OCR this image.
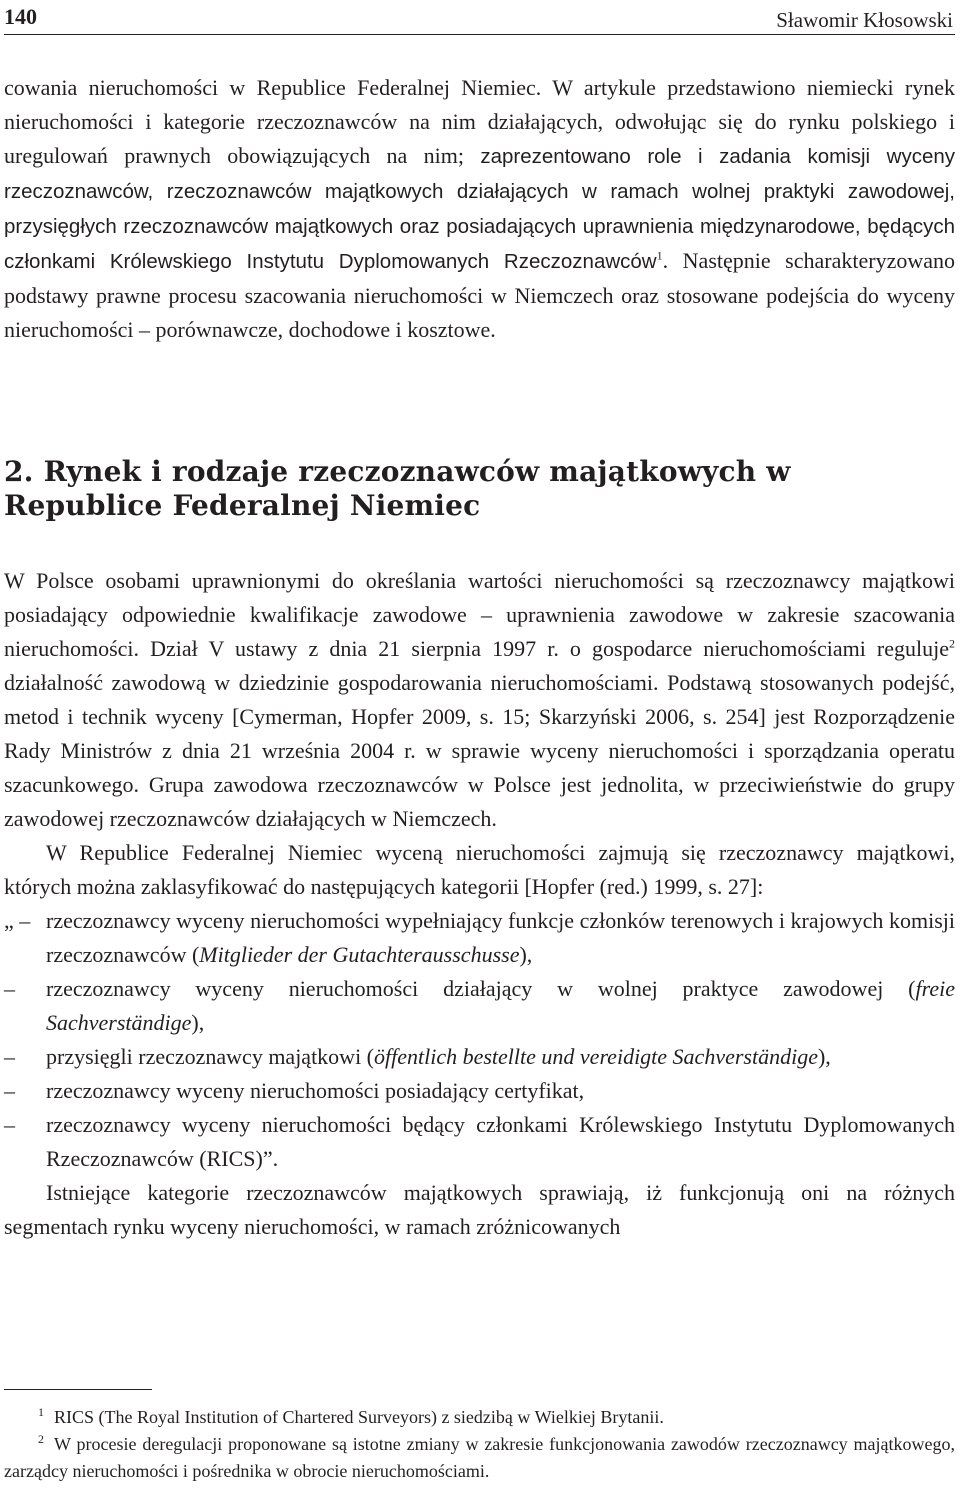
140	Sławomir Kłosowski

cowania nieruchomości w Republice Federalnej Niemiec. W artykule przedstawiono niemiecki rynek nieruchomości i kategorie rzeczoznawców na nim działających, odwołując się do rynku polskiego i uregulowań prawnych obowiązujących na nim; zaprezentowano role i zadania komisji wyceny rzeczoznawców, rzeczoznawców majątkowych działających w ramach wolnej praktyki zawodowej, przysięgłych rzeczoznawców majątkowych oraz posiadających uprawnienia międzynarodowe, będących członkami Królewskiego Instytutu Dyplomowanych Rzeczoznawców$^1$. Następnie scharakteryzowano podstawy prawne procesu szacowania nieruchomości w Niemczech oraz stosowane podejścia do wyceny nieruchomości – porównawcze, dochodowe i kosztowe.

2. Rynek i rodzaje rzeczoznawców majątkowych w Republice Federalnej Niemiec

W Polsce osobami uprawnionymi do określania wartości nieruchomości są rzeczoznawcy majątkowi posiadający odpowiednie kwalifikacje zawodowe – uprawnienia zawodowe w zakresie szacowania nieruchomości. Dział V ustawy z dnia 21 sierpnia 1997 r. o gospodarce nieruchomościami reguluje$^2$ działalność zawodową w dziedzinie gospodarowania nieruchomościami. Podstawą stosowanych podejść, metod i technik wyceny [Cymerman, Hopfer 2009, s. 15; Skarzyński 2006, s. 254] jest Rozporządzenie Rady Ministrów z dnia 21 września 2004 r. w sprawie wyceny nieruchomości i sporządzania operatu szacunkowego. Grupa zawodowa rzeczoznawców w Polsce jest jednolita, w przeciwieństwie do grupy zawodowej rzeczoznawców działających w Niemczech.

W Republice Federalnej Niemiec wyceną nieruchomości zajmują się rzeczoznawcy majątkowi, których można zaklasyfikować do następujących kategorii [Hopfer (red.) 1999, s. 27]:

„ – rzeczoznawcy wyceny nieruchomości wypełniający funkcje członków terenowych i krajowych komisji rzeczoznawców (Mitglieder der Gutachterausschusse),
– rzeczoznawcy wyceny nieruchomości działający w wolnej praktyce zawodowej (freie Sachverständige),
– przysięgli rzeczoznawcy majątkowi (öffentlich bestellte und vereidigte Sachverständige),
– rzeczoznawcy wyceny nieruchomości posiadający certyfikat,
– rzeczoznawcy wyceny nieruchomości będący członkami Królewskiego Instytutu Dyplomowanych Rzeczoznawców (RICS)”.

Istniejące kategorie rzeczoznawców majątkowych sprawiają, iż funkcjonują oni na różnych segmentach rynku wyceny nieruchomości, w ramach zróżnicowanych

$^1$ RICS (The Royal Institution of Chartered Surveyors) z siedzibą w Wielkiej Brytanii.

$^2$ W procesie deregulacji proponowane są istotne zmiany w zakresie funkcjonowania zawodów rzeczoznawcy majątkowego, zarządcy nieruchomości i pośrednika w obrocie nieruchomościami.
